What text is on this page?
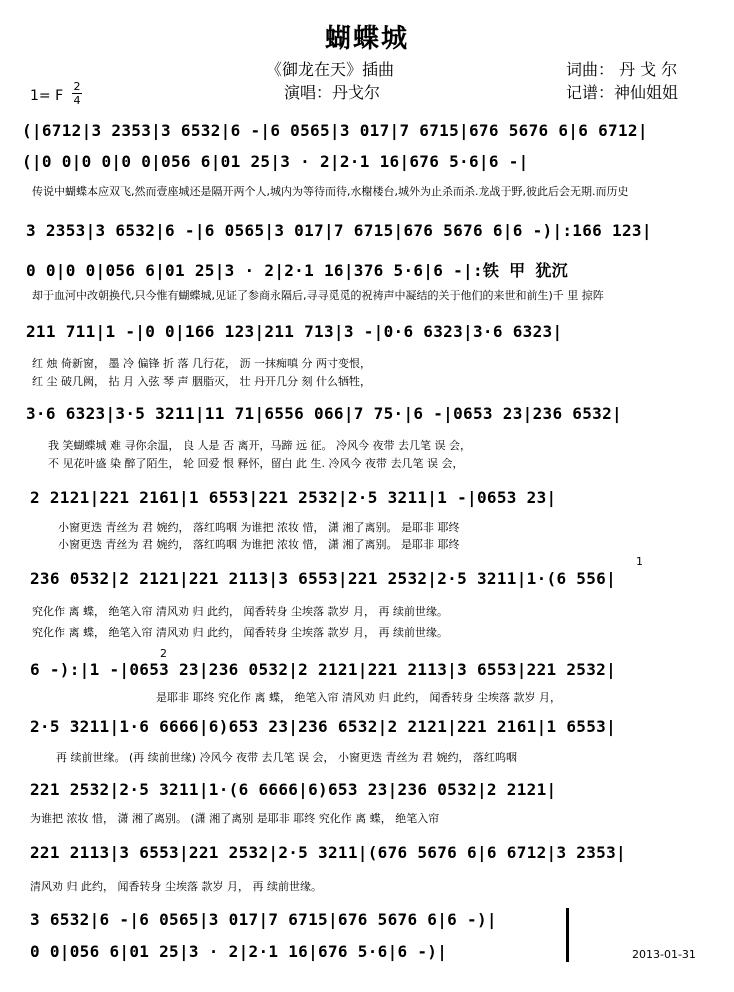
蝴蝶城
《御龙在天》插曲
演唱：丹戈尔
词曲： 丹 戈 尔
记谱：神仙姐姐
1= F
2
4
(|6712|3 2353|3 6532|6 -|6 0565|3 017|7 6715|676 5676 6|6 6712|
(|0 0|0 0|0 0|056 6|01 25|3 · 2|2·1 16|676 5·6|6 -|
传说中蝴蝶本应双飞,然而壹座城还是隔开两个人,城内为等待而待,水榭楼台,城外为止杀而杀.龙战于野,彼此后会无期.而历史
3 2353|3 6532|6 -|6 0565|3 017|7 6715|676 5676 6|6 -)|:166 123|
0 0|0 0|056 6|01 25|3 · 2|2·1 16|376 5·6|6 -|:铁 甲 犹沉
却于血河中改朝换代,只今惟有蝴蝶城,见证了参商永隔后,寻寻觅觅的祝祷声中凝结的关于他们的来世和前生)千 里 掠阵
211 711|1 -|0 0|166 123|211 713|3 -|0·6 6323|3·6 6323|
红 烛 倚新窗， 墨 冷 偏锋 折 落 几行花， 沥 一抹痴嗔 分 两寸变恨，
红 尘 破几阙， 拈 月 入弦 琴 声 胭脂灭， 壮 丹开几分 刻 什么牺牲，
3·6 6323|3·5 3211|11 71|6556 066|7 75·|6 -|0653 23|236 6532|
我 笑蝴蝶城 难 寻你余温， 良 人是 否 离开，马蹄 远 征。 冷风今 夜带 去几笔 误 会，
不 见花叶盛 染 醉了陌生， 轮 回爱 恨 释怀，留白 此 生. 冷风今 夜带 去几笔 误 会，
2 2121|221 2161|1 6553|221 2532|2·5 3211|1 -|0653 23|
小窗更迭 青丝为 君 婉约， 落红呜咽 为谁把 浓妆 惜， 潇 湘了离别。 是耶非 耶终
小窗更迭 青丝为 君 婉约， 落红呜咽 为谁把 浓妆 惜， 潇 湘了离别。 是耶非 耶终
236 0532|2 2121|221 2113|3 6553|221 2532|2·5 3211|1·(6 556|
究化作 离 蝶， 绝笔入帘 清风劝 归 此约， 闻香转身 尘埃落 款岁 月， 再 续前世缘。
究化作 离 蝶， 绝笔入帘 清风劝 归 此约， 闻香转身 尘埃落 款岁 月， 再 续前世缘。
1
2
6 -):|1 -|0653 23|236 0532|2 2121|221 2113|3 6553|221 2532|
是耶非 耶终 究化作 离 蝶， 绝笔入帘 清风劝 归 此约， 闻香转身 尘埃落 款岁 月，
2·5 3211|1·6 6666|6)653 23|236 6532|2 2121|221 2161|1 6553|
再 续前世缘。 (再 续前世缘) 冷风今 夜带 去几笔 误 会， 小窗更迭 青丝为 君 婉约， 落红呜咽
221 2532|2·5 3211|1·(6 6666|6)653 23|236 0532|2 2121|
为谁把 浓妆 惜， 潇 湘了离别。 (潇 湘了离别 是耶非 耶终 究化作 离 蝶， 绝笔入帘
221 2113|3 6553|221 2532|2·5 3211|(676 5676 6|6 6712|3 2353|
清风劝 归 此约， 闻香转身 尘埃落 款岁 月， 再 续前世缘。
3 6532|6 -|6 0565|3 017|7 6715|676 5676 6|6 -)|
0 0|056 6|01 25|3 · 2|2·1 16|676 5·6|6 -)|	2013-01-31
